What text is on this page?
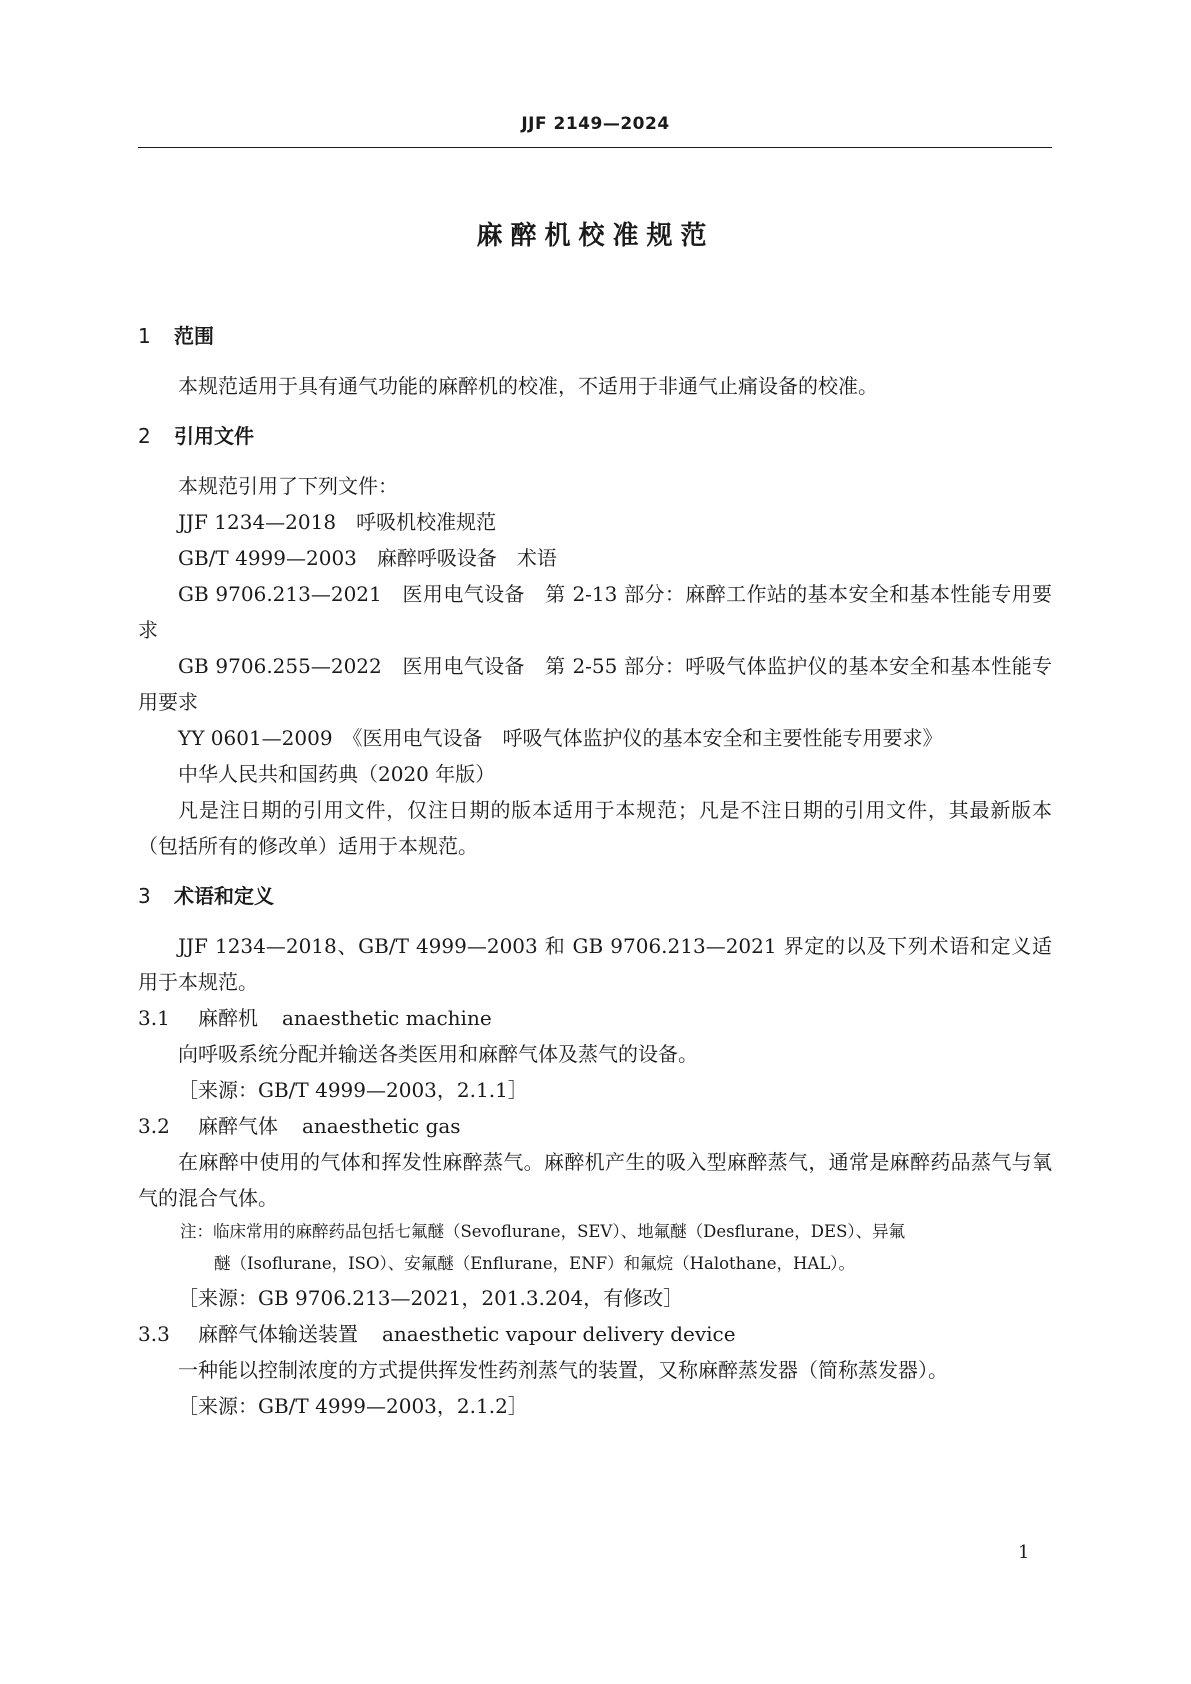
JJF 2149—2024
麻醉机校准规范
1 范围

本规范适用于具有通气功能的麻醉机的校准，不适用于非通气止痛设备的校准。

2 引用文件

本规范引用了下列文件：

JJF 1234—2018　呼吸机校准规范

GB/T 4999—2003　麻醉呼吸设备　术语

GB 9706.213—2021　医用电气设备　第 2-13 部分：麻醉工作站的基本安全和基本性能专用要求

GB 9706.255—2022　医用电气设备　第 2-55 部分：呼吸气体监护仪的基本安全和基本性能专用要求

YY 0601—2009　《医用电气设备　呼吸气体监护仪的基本安全和主要性能专用要求》

中华人民共和国药典（2020 年版）

凡是注日期的引用文件，仅注日期的版本适用于本规范；凡是不注日期的引用文件，其最新版本（包括所有的修改单）适用于本规范。

3 术语和定义

JJF 1234—2018、GB/T 4999—2003 和 GB 9706.213—2021 界定的以及下列术语和定义适用于本规范。

3.1 麻醉机 anaesthetic machine

向呼吸系统分配并输送各类医用和麻醉气体及蒸气的设备。

［来源：GB/T 4999—2003，2.1.1］

3.2 麻醉气体 anaesthetic gas

在麻醉中使用的气体和挥发性麻醉蒸气。麻醉机产生的吸入型麻醉蒸气，通常是麻醉药品蒸气与氧气的混合气体。

注：临床常用的麻醉药品包括七氟醚（Sevoflurane，SEV）、地氟醚（Desflurane，DES）、异氟
醚（Isoflurane，ISO）、安氟醚（Enflurane，ENF）和氟烷（Halothane，HAL）。

［来源：GB 9706.213—2021，201.3.204，有修改］

3.3 麻醉气体输送装置 anaesthetic vapour delivery device

一种能以控制浓度的方式提供挥发性药剂蒸气的装置，又称麻醉蒸发器（简称蒸发器）。

［来源：GB/T 4999—2003，2.1.2］

1
